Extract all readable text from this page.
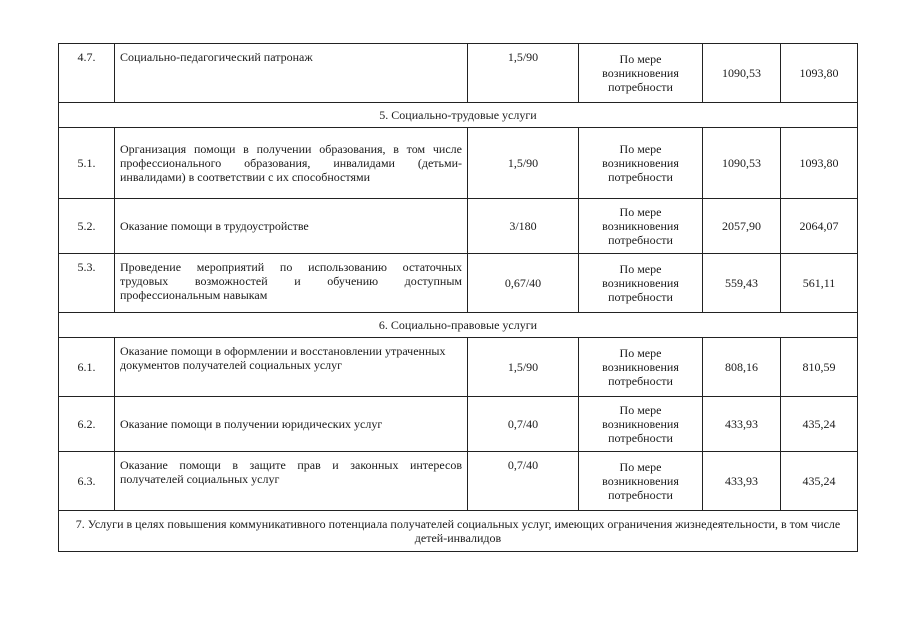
4.7.	Социально-педагогический патронаж	1,5/90	По мере
возникновения
потребности	1090,53	1093,80
5. Социально-трудовые услуги					
5.1.	Организация помощи в получении образования, в том числе профессионального образования, инвалидами (детьми-инвалидами) в соответствии с их способностями	1,5/90	По мере
возникновения
потребности	1090,53	1093,80
5.2.	Оказание помощи в трудоустройстве	3/180	По мере
возникновения
потребности	2057,90	2064,07
5.3.	Проведение мероприятий по использованию остаточных трудовых возможностей и обучению доступным профессиональным навыкам	0,67/40	По мере
возникновения
потребности	559,43	561,11
6. Социально-правовые услуги					
6.1.	Оказание помощи в оформлении и восстановлении утраченных документов получателей социальных услуг	1,5/90	По мере
возникновения
потребности	808,16	810,59
6.2.	Оказание помощи в получении юридических услуг	0,7/40	По мере
возникновения
потребности	433,93	435,24
6.3.	Оказание помощи в защите прав и законных интересов получателей социальных услуг	0,7/40	По мере
возникновения
потребности	433,93	435,24
7. Услуги в целях повышения коммуникативного потенциала получателей социальных услуг, имеющих ограничения жизнедеятельности, в том числе детей-инвалидов					
